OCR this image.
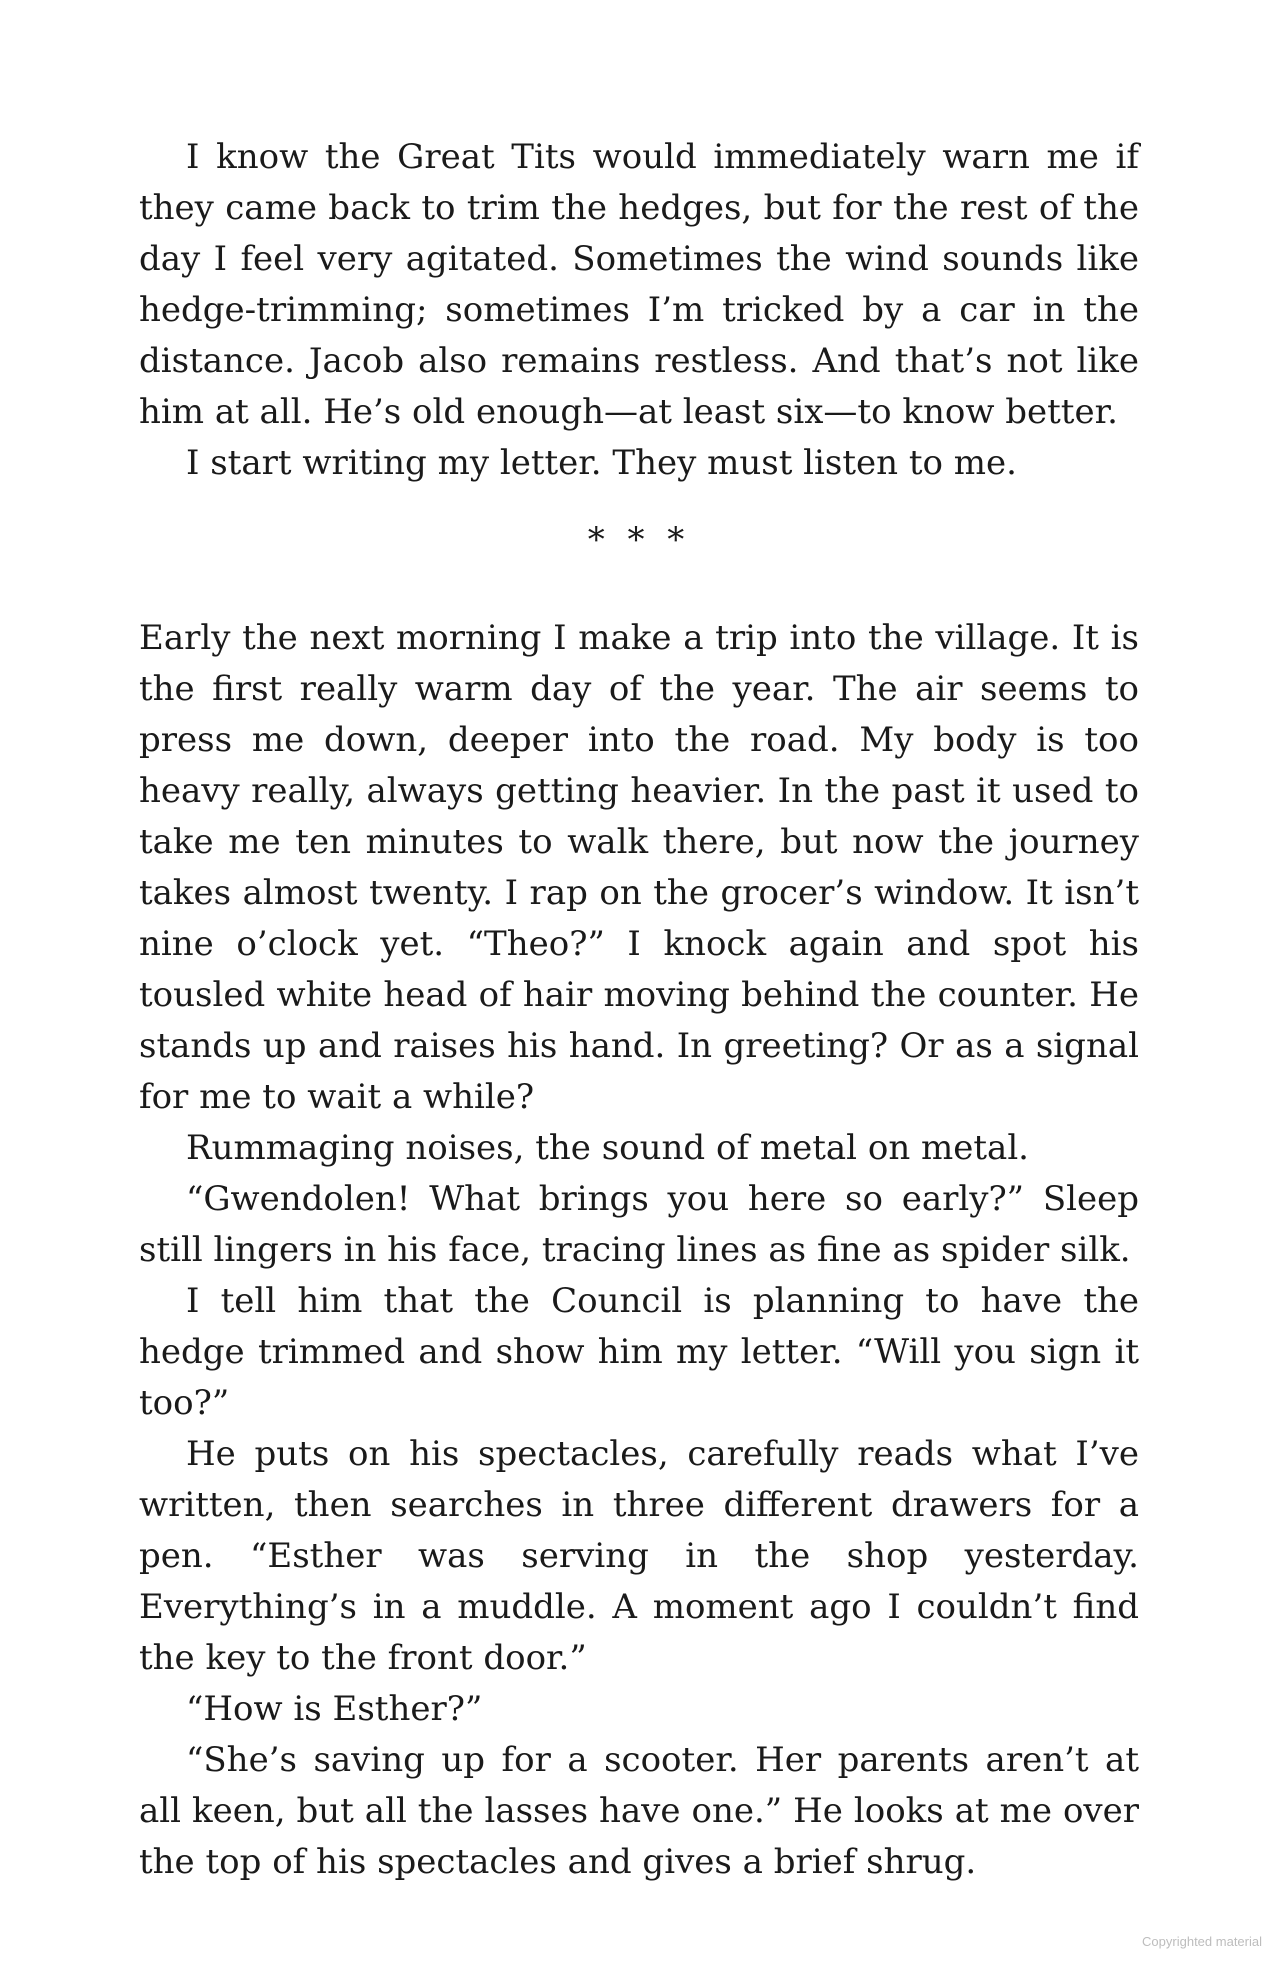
I know the Great Tits would immediately warn me if they came back to trim the hedges, but for the rest of the day I feel very agitated. Sometimes the wind sounds like hedge-trimming; sometimes I’m tricked by a car in the distance. Jacob also remains restless. And that’s not like him at all. He’s old enough—at least six—to know better.

I start writing my letter. They must listen to me.

* * *

Early the next morning I make a trip into the village. It is the first really warm day of the year. The air seems to press me down, deeper into the road. My body is too heavy really, always getting heavier. In the past it used to take me ten minutes to walk there, but now the journey takes almost twenty. I rap on the grocer’s window. It isn’t nine o’clock yet. “Theo?” I knock again and spot his tousled white head of hair moving behind the counter. He stands up and raises his hand. In greeting? Or as a signal for me to wait a while?

Rummaging noises, the sound of metal on metal.

“Gwendolen! What brings you here so early?” Sleep still lingers in his face, tracing lines as fine as spider silk.

I tell him that the Council is planning to have the hedge trimmed and show him my letter. “Will you sign it too?”

He puts on his spectacles, carefully reads what I’ve written, then searches in three different drawers for a pen. “Esther was serving in the shop yesterday. Everything’s in a muddle. A moment ago I couldn’t find the key to the front door.”

“How is Esther?”

“She’s saving up for a scooter. Her parents aren’t at all keen, but all the lasses have one.” He looks at me over the top of his spectacles and gives a brief shrug.

Copyrighted material
